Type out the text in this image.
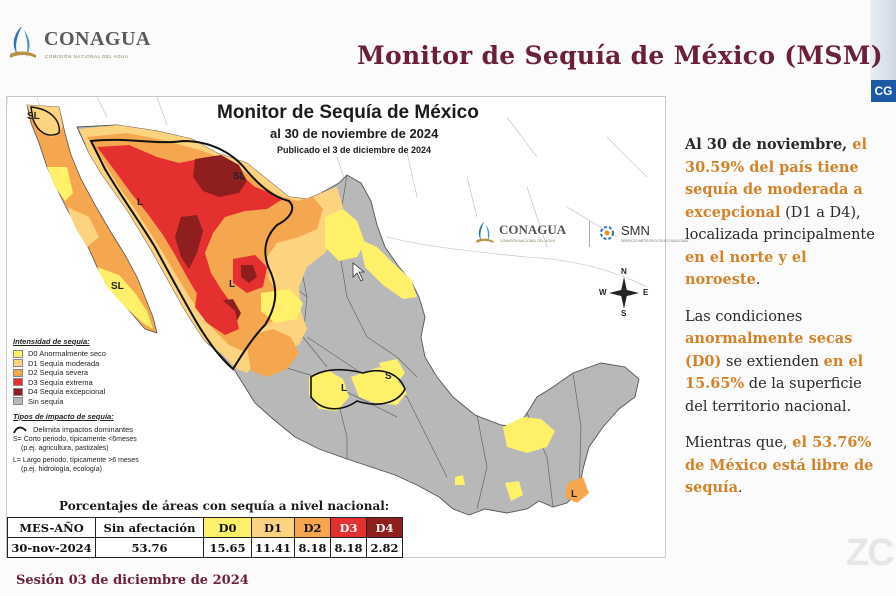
CONAGUA
COMISIÓN NACIONAL DEL AGUA	Monitor de Sequía de México (MSM)
CG
SL
SL
SL
L
L
L
S
L
Monitor de Sequía de México
al 30 de noviembre de 2024
Publicado el 3 de diciembre de 2024
CONAGUA
COMISIÓN NACIONAL DEL AGUA
SMN
SERVICIO METEOROLÓGICO NACIONAL
N
S
W	E
Intensidad de sequía:
D0 Anormalmente seco
D1 Sequía moderada
D2 Sequía severa
D3 Sequía extrema
D4 Sequía excepcional
Sin sequía
Tipos de impacto de sequía:
Delimita impactos dominantes
S= Corto periodo, típicamente <6meses
(p.ej. agricultura, pastizales)
L= Largo periodo, típicamente >6 meses
(p.ej. hidrología, ecología)
Porcentajes de áreas con sequía a nivel nacional:
MES-AÑO	Sin afectación	D0	D1	D2	D3	D4
30-nov-2024	53.76	15.65	11.41	8.18	8.18	2.82

Al 30 de noviembre, el 30.59% del país tiene sequía de moderada a excepcional (D1 a D4), localizada principalmente en el norte y el noroeste.

Las condiciones anormalmente secas (D0) se extienden en el 15.65% de la superficie del territorio nacional.

Mientras que, el 53.76% de México está libre de sequía.

Sesión 03 de diciembre de 2024
ZC
